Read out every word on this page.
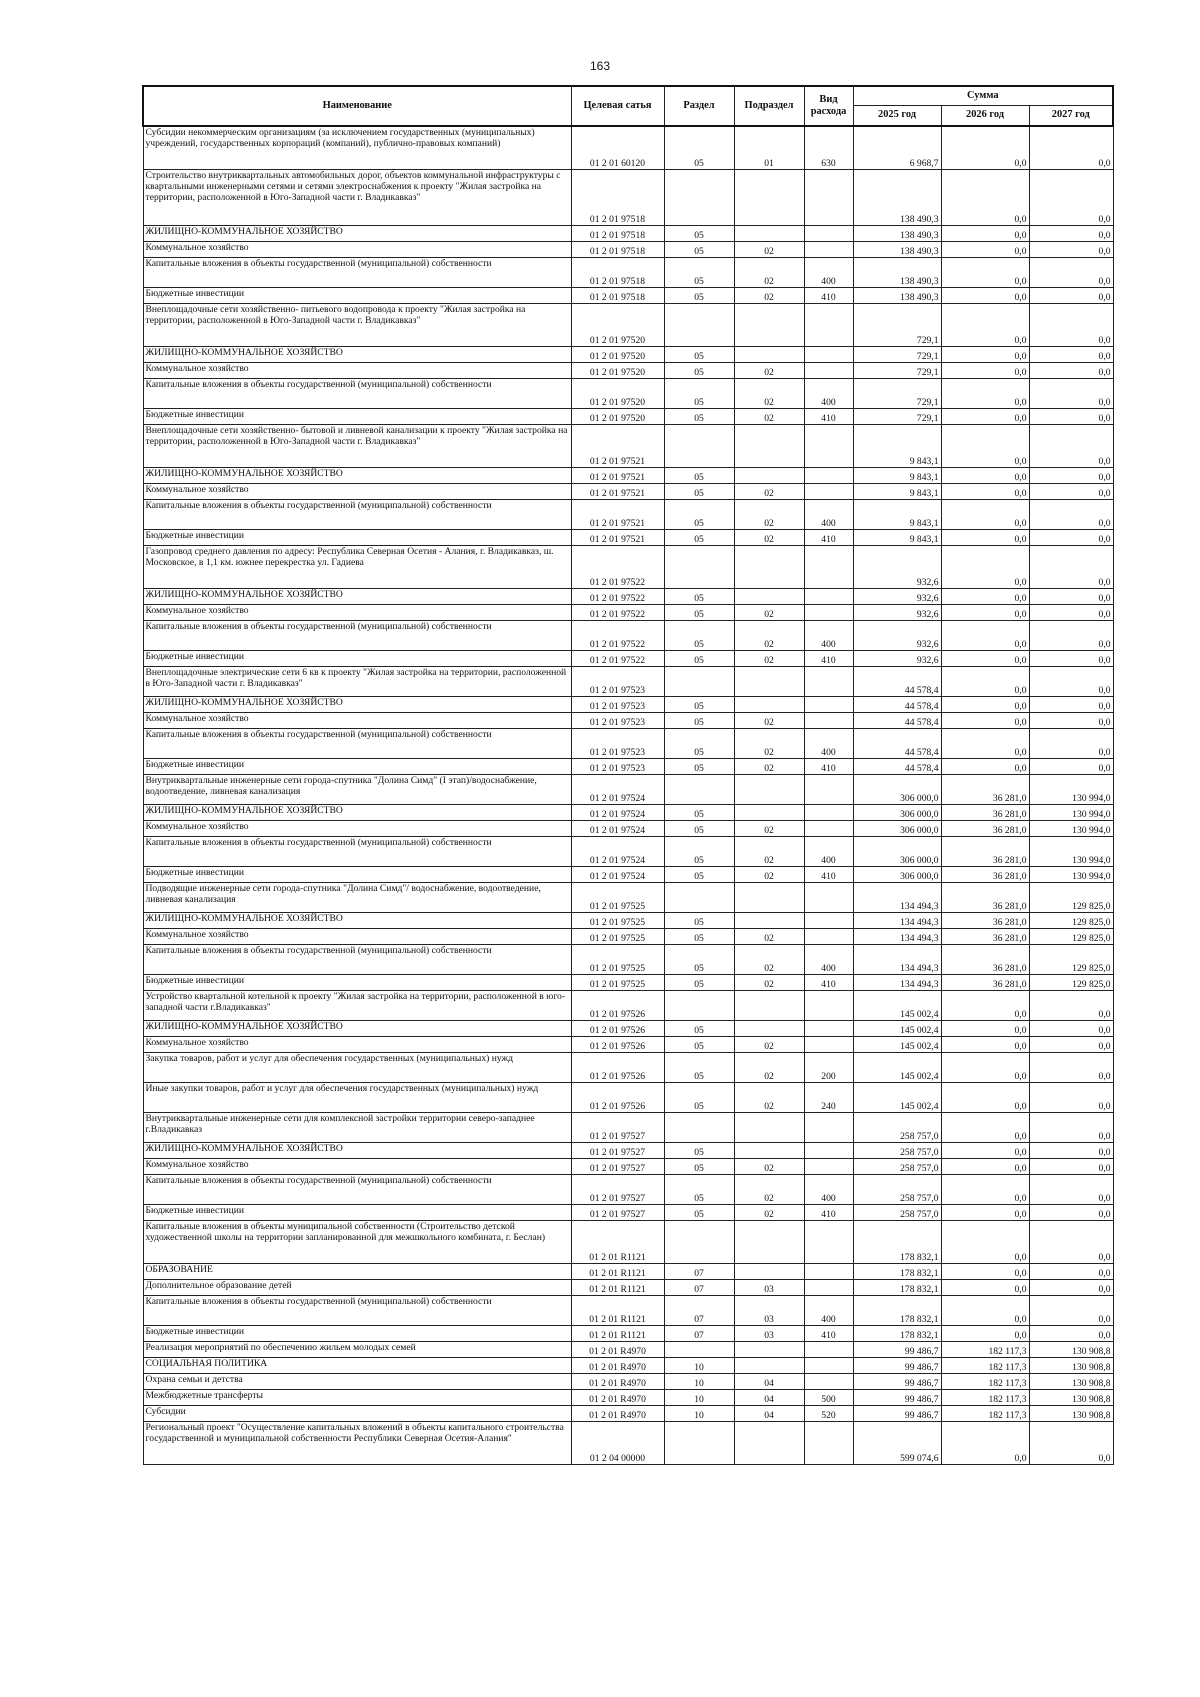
163
Наименование	Целевая сатья	Раздел	Подраздел	Вид расхода	Сумма		
					2025 год	2026 год	2027 год
Субсидии некоммерческим организациям (за исключением государственных (муниципальных) учреждений, государственных корпораций (компаний), публично-правовых компаний)	01 2 01 60120	05	01	630	6 968,7	0,0	0,0
Строительство внутриквартальных автомобильных дорог, объектов коммунальной инфраструктуры с квартальными инженерными сетями и сетями электроснабжения к проекту "Жилая застройка на территории, расположенной в Юго-Западной части г. Владикавказ"	01 2 01 97518				138 490,3	0,0	0,0
ЖИЛИЩНО-КОММУНАЛЬНОЕ ХОЗЯЙСТВО	01 2 01 97518	05			138 490,3	0,0	0,0
Коммунальное хозяйство	01 2 01 97518	05	02		138 490,3	0,0	0,0
Капитальные вложения в объекты государственной (муниципальной) собственности	01 2 01 97518	05	02	400	138 490,3	0,0	0,0
Бюджетные инвестиции	01 2 01 97518	05	02	410	138 490,3	0,0	0,0
Внеплощадочные сети хозяйственно- питьевого водопровода к проекту "Жилая застройка на территории, расположенной в Юго-Западной части г. Владикавказ"	01 2 01 97520				729,1	0,0	0,0
ЖИЛИЩНО-КОММУНАЛЬНОЕ ХОЗЯЙСТВО	01 2 01 97520	05			729,1	0,0	0,0
Коммунальное хозяйство	01 2 01 97520	05	02		729,1	0,0	0,0
Капитальные вложения в объекты государственной (муниципальной) собственности	01 2 01 97520	05	02	400	729,1	0,0	0,0
Бюджетные инвестиции	01 2 01 97520	05	02	410	729,1	0,0	0,0
Внеплощадочные сети хозяйственно- бытовой и ливневой канализации к проекту "Жилая застройка на территории, расположенной в Юго-Западной части г. Владикавказ"	01 2 01 97521				9 843,1	0,0	0,0
ЖИЛИЩНО-КОММУНАЛЬНОЕ ХОЗЯЙСТВО	01 2 01 97521	05			9 843,1	0,0	0,0
Коммунальное хозяйство	01 2 01 97521	05	02		9 843,1	0,0	0,0
Капитальные вложения в объекты государственной (муниципальной) собственности	01 2 01 97521	05	02	400	9 843,1	0,0	0,0
Бюджетные инвестиции	01 2 01 97521	05	02	410	9 843,1	0,0	0,0
Газопровод среднего давления по адресу: Республика Северная Осетия - Алания, г. Владикавказ, ш. Московское, в 1,1 км. южнее перекрестка ул. Гадиева	01 2 01 97522				932,6	0,0	0,0
ЖИЛИЩНО-КОММУНАЛЬНОЕ ХОЗЯЙСТВО	01 2 01 97522	05			932,6	0,0	0,0
Коммунальное хозяйство	01 2 01 97522	05	02		932,6	0,0	0,0
Капитальные вложения в объекты государственной (муниципальной) собственности	01 2 01 97522	05	02	400	932,6	0,0	0,0
Бюджетные инвестиции	01 2 01 97522	05	02	410	932,6	0,0	0,0
Внеплощадочные электрические сети 6 кв к проекту "Жилая застройка на территории, расположенной в Юго-Западной части г. Владикавказ"	01 2 01 97523				44 578,4	0,0	0,0
ЖИЛИЩНО-КОММУНАЛЬНОЕ ХОЗЯЙСТВО	01 2 01 97523	05			44 578,4	0,0	0,0
Коммунальное хозяйство	01 2 01 97523	05	02		44 578,4	0,0	0,0
Капитальные вложения в объекты государственной (муниципальной) собственности	01 2 01 97523	05	02	400	44 578,4	0,0	0,0
Бюджетные инвестиции	01 2 01 97523	05	02	410	44 578,4	0,0	0,0
Внутриквартальные инженерные сети города-спутника "Долина Симд" (I этап)/водоснабжение, водоотведение, ливневая канализация	01 2 01 97524				306 000,0	36 281,0	130 994,0
ЖИЛИЩНО-КОММУНАЛЬНОЕ ХОЗЯЙСТВО	01 2 01 97524	05			306 000,0	36 281,0	130 994,0
Коммунальное хозяйство	01 2 01 97524	05	02		306 000,0	36 281,0	130 994,0
Капитальные вложения в объекты государственной (муниципальной) собственности	01 2 01 97524	05	02	400	306 000,0	36 281,0	130 994,0
Бюджетные инвестиции	01 2 01 97524	05	02	410	306 000,0	36 281,0	130 994,0
Подводящие инженерные сети города-спутника "Долина Симд"/ водоснабжение, водоотведение, ливневая канализация	01 2 01 97525				134 494,3	36 281,0	129 825,0
ЖИЛИЩНО-КОММУНАЛЬНОЕ ХОЗЯЙСТВО	01 2 01 97525	05			134 494,3	36 281,0	129 825,0
Коммунальное хозяйство	01 2 01 97525	05	02		134 494,3	36 281,0	129 825,0
Капитальные вложения в объекты государственной (муниципальной) собственности	01 2 01 97525	05	02	400	134 494,3	36 281,0	129 825,0
Бюджетные инвестиции	01 2 01 97525	05	02	410	134 494,3	36 281,0	129 825,0
Устройство квартальной котельной к проекту "Жилая застройка на территории, расположенной в юго-западной части г.Владикавказ"	01 2 01 97526				145 002,4	0,0	0,0
ЖИЛИЩНО-КОММУНАЛЬНОЕ ХОЗЯЙСТВО	01 2 01 97526	05			145 002,4	0,0	0,0
Коммунальное хозяйство	01 2 01 97526	05	02		145 002,4	0,0	0,0
Закупка товаров, работ и услуг для обеспечения государственных (муниципальных) нужд	01 2 01 97526	05	02	200	145 002,4	0,0	0,0
Иные закупки товаров, работ и услуг для обеспечения государственных (муниципальных) нужд	01 2 01 97526	05	02	240	145 002,4	0,0	0,0
Внутриквартальные инженерные сети для комплексной застройки территории северо-западнее г.Владикавказ	01 2 01 97527				258 757,0	0,0	0,0
ЖИЛИЩНО-КОММУНАЛЬНОЕ ХОЗЯЙСТВО	01 2 01 97527	05			258 757,0	0,0	0,0
Коммунальное хозяйство	01 2 01 97527	05	02		258 757,0	0,0	0,0
Капитальные вложения в объекты государственной (муниципальной) собственности	01 2 01 97527	05	02	400	258 757,0	0,0	0,0
Бюджетные инвестиции	01 2 01 97527	05	02	410	258 757,0	0,0	0,0
Капитальные вложения в объекты муниципальной собственности (Строительство детской художественной школы на территории запланированной для межшкольного комбината, г. Беслан)	01 2 01 R1121				178 832,1	0,0	0,0
ОБРАЗОВАНИЕ	01 2 01 R1121	07			178 832,1	0,0	0,0
Дополнительное образование детей	01 2 01 R1121	07	03		178 832,1	0,0	0,0
Капитальные вложения в объекты государственной (муниципальной) собственности	01 2 01 R1121	07	03	400	178 832,1	0,0	0,0
Бюджетные инвестиции	01 2 01 R1121	07	03	410	178 832,1	0,0	0,0
Реализация мероприятий по обеспечению жильем молодых семей	01 2 01 R4970				99 486,7	182 117,3	130 908,8
СОЦИАЛЬНАЯ ПОЛИТИКА	01 2 01 R4970	10			99 486,7	182 117,3	130 908,8
Охрана семьи и детства	01 2 01 R4970	10	04		99 486,7	182 117,3	130 908,8
Межбюджетные трансферты	01 2 01 R4970	10	04	500	99 486,7	182 117,3	130 908,8
Субсидии	01 2 01 R4970	10	04	520	99 486,7	182 117,3	130 908,8
Региональный проект "Осуществление капитальных вложений в объекты капитального строительства государственной и муниципальной собственности Республики Северная Осетия-Алания"	01 2 04 00000				599 074,6	0,0	0,0
